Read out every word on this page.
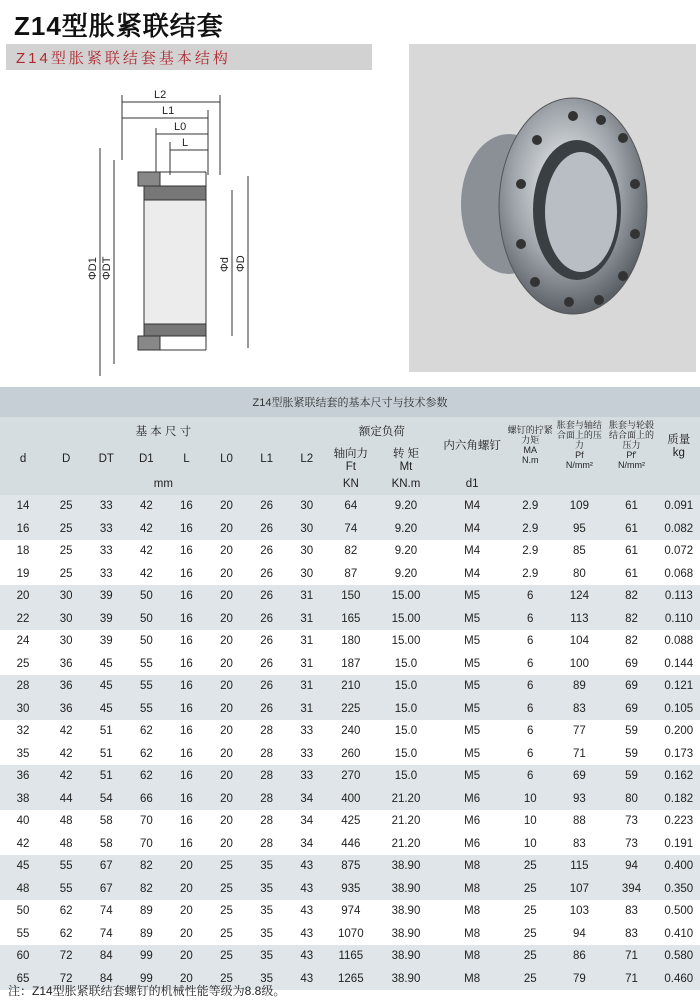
Z14型胀紧联结套
Z14型胀紧联结套基本结构
L2
L1
L0
L
ΦD1 ΦDT	Φd ΦD
Z14型胀紧联结套的基本尺寸与技术参数														
基 本 尺 寸								额定负荷		内六角螺钉	螺钉的拧紧力矩
MA
N.m	胀套与轴结合面上的压力
Pf
N/mm²	胀套与轮毂结合面上的压力
Pf'
N/mm²	质量
kg
d	D	DT	D1	L	L0	L1	L2	轴向力
Ft	转 矩
Mt					
mm								KN	KN.m	d1				
14	25	33	42	16	20	26	30	64	9.20	M4	2.9	109	61	0.091
16	25	33	42	16	20	26	30	74	9.20	M4	2.9	95	61	0.082
18	25	33	42	16	20	26	30	82	9.20	M4	2.9	85	61	0.072
19	25	33	42	16	20	26	30	87	9.20	M4	2.9	80	61	0.068
20	30	39	50	16	20	26	31	150	15.00	M5	6	124	82	0.113
22	30	39	50	16	20	26	31	165	15.00	M5	6	113	82	0.110
24	30	39	50	16	20	26	31	180	15.00	M5	6	104	82	0.088
25	36	45	55	16	20	26	31	187	15.0	M5	6	100	69	0.144
28	36	45	55	16	20	26	31	210	15.0	M5	6	89	69	0.121
30	36	45	55	16	20	26	31	225	15.0	M5	6	83	69	0.105
32	42	51	62	16	20	28	33	240	15.0	M5	6	77	59	0.200
35	42	51	62	16	20	28	33	260	15.0	M5	6	71	59	0.173
36	42	51	62	16	20	28	33	270	15.0	M5	6	69	59	0.162
38	44	54	66	16	20	28	34	400	21.20	M6	10	93	80	0.182
40	48	58	70	16	20	28	34	425	21.20	M6	10	88	73	0.223
42	48	58	70	16	20	28	34	446	21.20	M6	10	83	73	0.191
45	55	67	82	20	25	35	43	875	38.90	M8	25	115	94	0.400
48	55	67	82	20	25	35	43	935	38.90	M8	25	107	394	0.350
50	62	74	89	20	25	35	43	974	38.90	M8	25	103	83	0.500
55	62	74	89	20	25	35	43	1070	38.90	M8	25	94	83	0.410
60	72	84	99	20	25	35	43	1165	38.90	M8	25	86	71	0.580
65	72	84	99	20	25	35	43	1265	38.90	M8	25	79	71	0.460
注：Z14型胀紧联结套螺钉的机械性能等级为8.8级。
